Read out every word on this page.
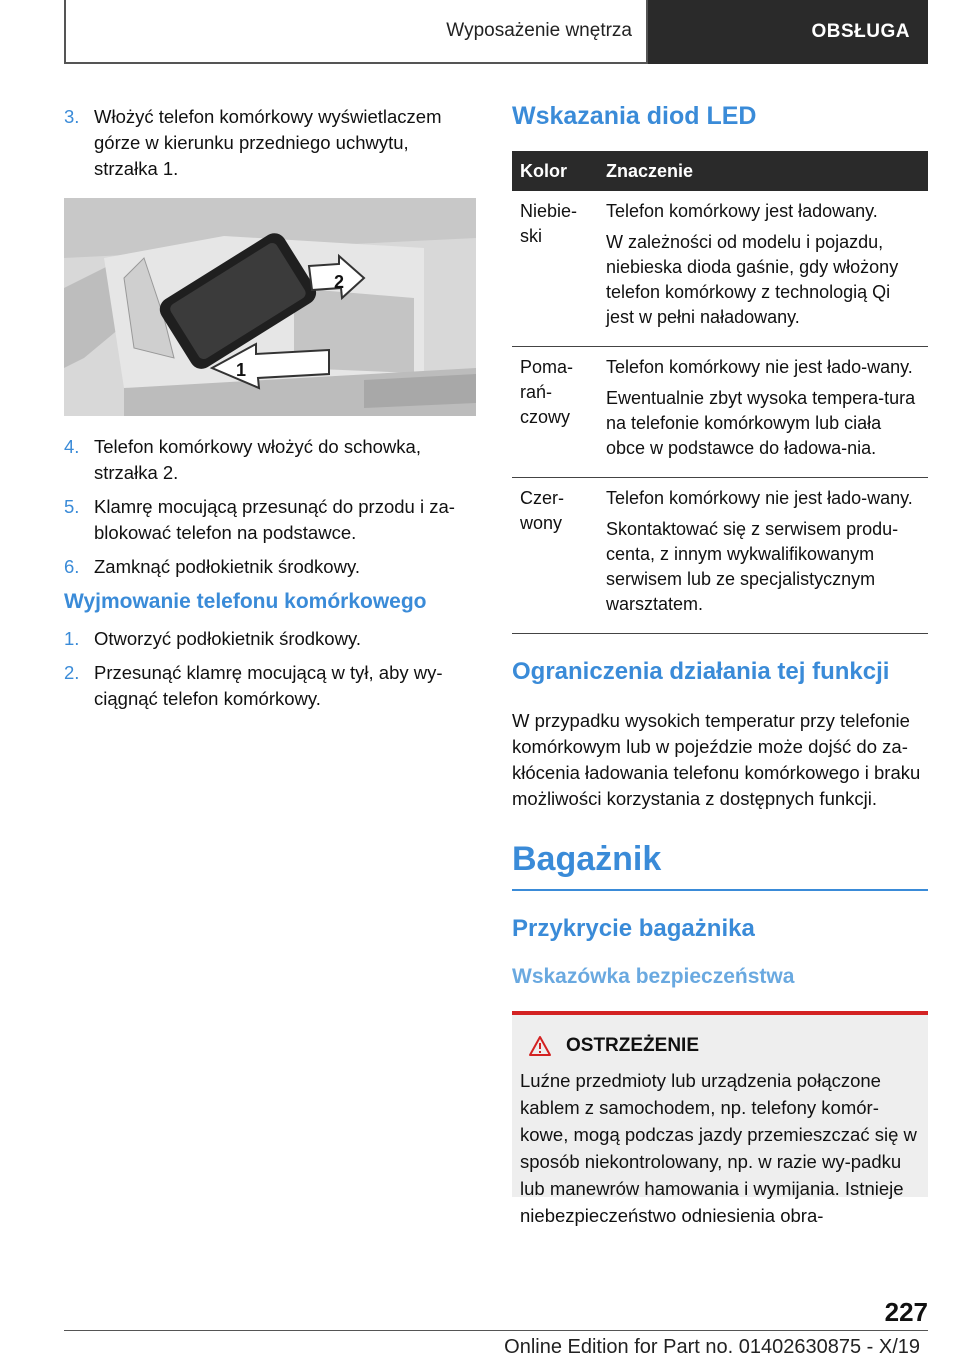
Wyposażenie wnętrza	OBSŁUGA
3. Włożyć telefon komórkowy wyświetlaczem górze w kierunku przedniego uchwytu, strzałka 1.
2
1
4. Telefon komórkowy włożyć do schowka, strzałka 2.
5. Klamrę mocującą przesunąć do przodu i za-blokować telefon na podstawce.
6. Zamknąć podłokietnik środkowy.
Wyjmowanie telefonu komórkowego
1. Otworzyć podłokietnik środkowy.
2. Przesunąć klamrę mocującą w tył, aby wy-ciągnąć telefon komórkowy.
Wskazania diod LED
Kolor	Znaczenie
Niebie-ski	Telefon komórkowy jest ładowany.

W zależności od modelu i pojazdu, niebieska dioda gaśnie, gdy włożony telefon komórkowy z technologią Qi jest w pełni naładowany.

Poma-rań-czowy	Telefon komórkowy nie jest łado-wany.

Ewentualnie zbyt wysoka tempera-tura na telefonie komórkowym lub ciała obce w podstawce do ładowa-nia.

Czer-wony	Telefon komórkowy nie jest łado-wany.

Skontaktować się z serwisem produ-centa, z innym wykwalifikowanym serwisem lub ze specjalistycznym warsztatem.

Ograniczenia działania tej funkcji

W przypadku wysokich temperatur przy telefonie komórkowym lub w pojeździe może dojść do za-kłócenia ładowania telefonu komórkowego i braku możliwości korzystania z dostępnych funkcji.

Bagażnik
Przykrycie bagażnika
Wskazówka bezpieczeństwa
OSTRZEŻENIE
Luźne przedmioty lub urządzenia połączone kablem z samochodem, np. telefony komór-kowe, mogą podczas jazdy przemieszczać się w sposób niekontrolowany, np. w razie wy-padku lub manewrów hamowania i wymijania. Istnieje niebezpieczeństwo odniesienia obra-
227
Online Edition for Part no. 01402630875 - X/19
